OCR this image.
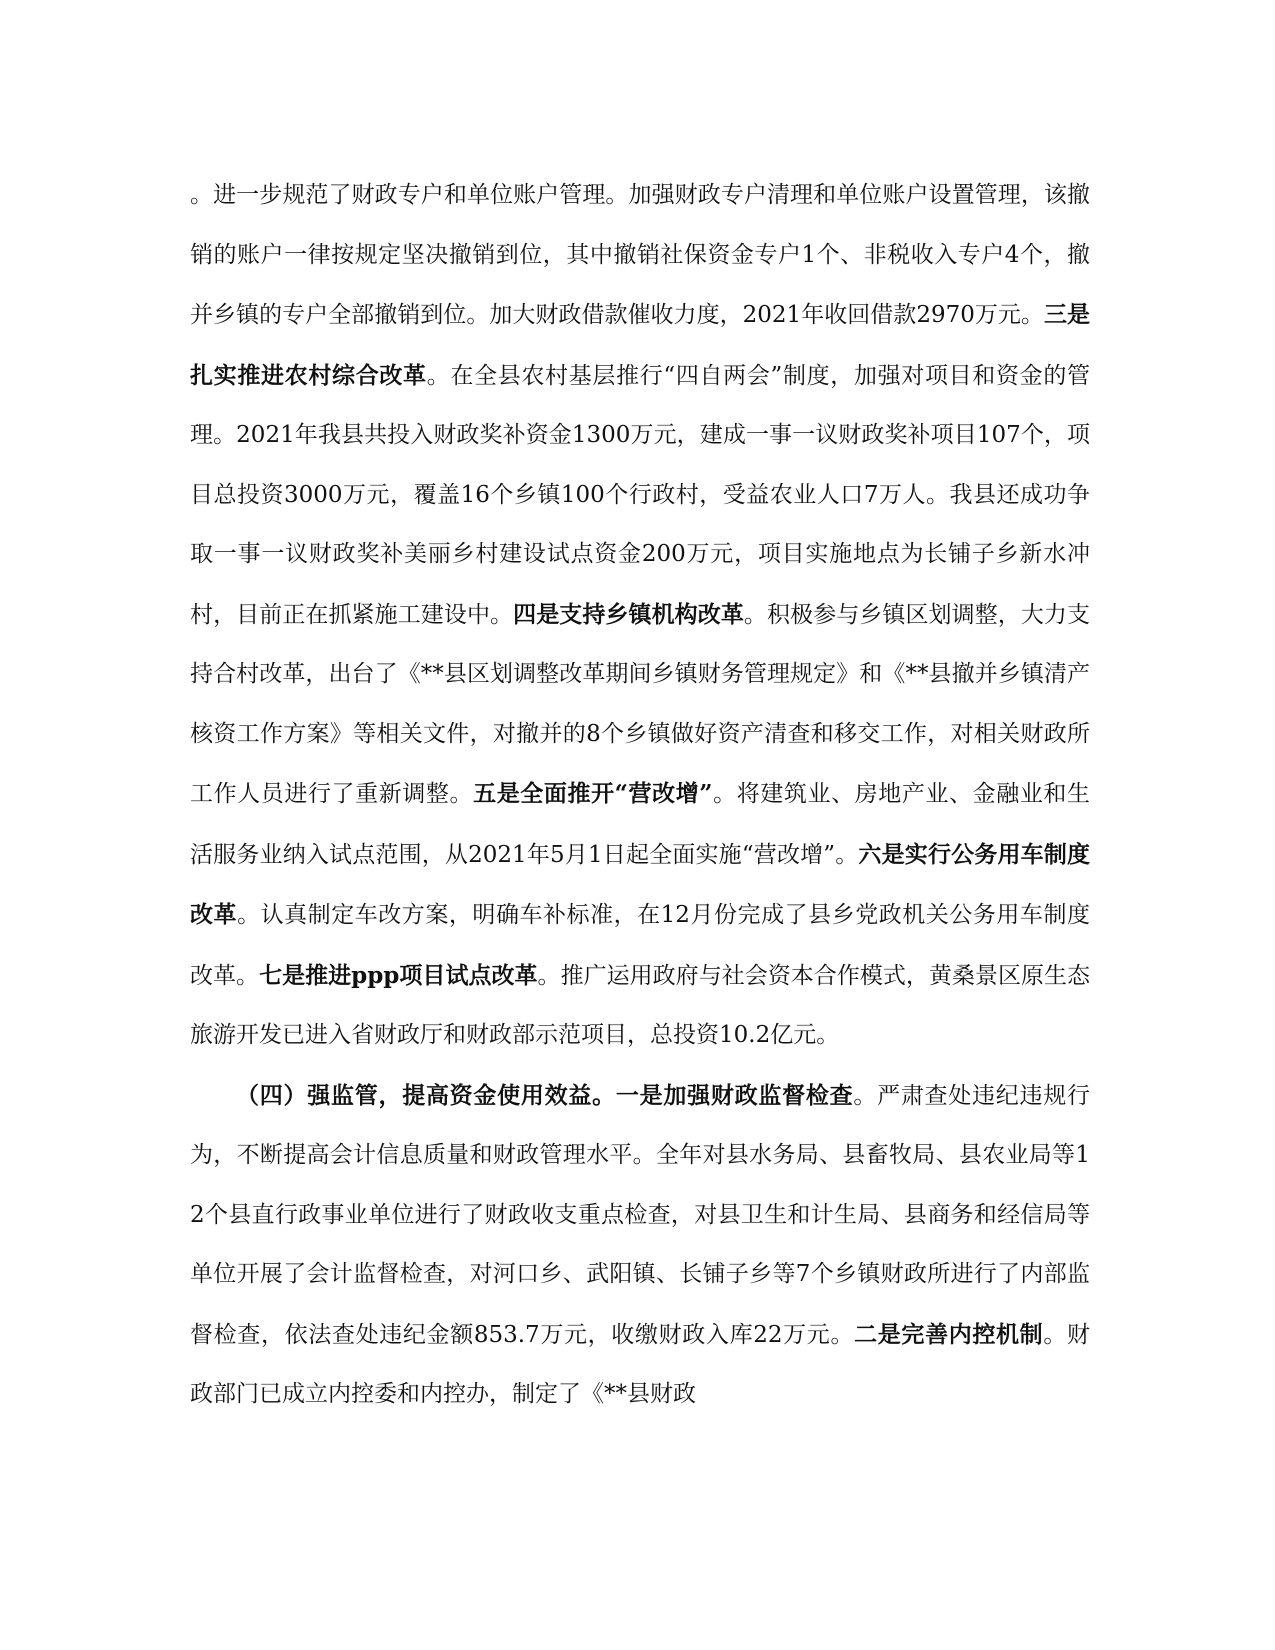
。进一步规范了财政专户和单位账户管理。加强财政专户清理和单位账户设置管理，该撤销的账户一律按规定坚决撤销到位，其中撤销社保资金专户1个、非税收入专户4个，撤并乡镇的专户全部撤销到位。加大财政借款催收力度，2021年收回借款2970万元。三是扎实推进农村综合改革。在全县农村基层推行“四自两会”制度，加强对项目和资金的管理。2021年我县共投入财政奖补资金1300万元，建成一事一议财政奖补项目107个，项目总投资3000万元，覆盖16个乡镇100个行政村，受益农业人口7万人。我县还成功争取一事一议财政奖补美丽乡村建设试点资金200万元，项目实施地点为长铺子乡新水冲村，目前正在抓紧施工建设中。四是支持乡镇机构改革。积极参与乡镇区划调整，大力支持合村改革，出台了《**县区划调整改革期间乡镇财务管理规定》和《**县撤并乡镇清产核资工作方案》等相关文件，对撤并的8个乡镇做好资产清查和移交工作，对相关财政所工作人员进行了重新调整。五是全面推开“营改增”。将建筑业、房地产业、金融业和生活服务业纳入试点范围，从2021年5月1日起全面实施“营改增”。六是实行公务用车制度改革。认真制定车改方案，明确车补标准，在12月份完成了县乡党政机关公务用车制度改革。七是推进ppp项目试点改革。推广运用政府与社会资本合作模式，黄桑景区原生态旅游开发已进入省财政厅和财政部示范项目，总投资10.2亿元。

（四）强监管，提高资金使用效益。一是加强财政监督检查。严肃查处违纪违规行为，不断提高会计信息质量和财政管理水平。全年对县水务局、县畜牧局、县农业局等12个县直行政事业单位进行了财政收支重点检查，对县卫生和计生局、县商务和经信局等单位开展了会计监督检查，对河口乡、武阳镇、长铺子乡等7个乡镇财政所进行了内部监督检查，依法查处违纪金额853.7万元，收缴财政入库22万元。二是完善内控机制。财政部门已成立内控委和内控办，制定了《**县财政
